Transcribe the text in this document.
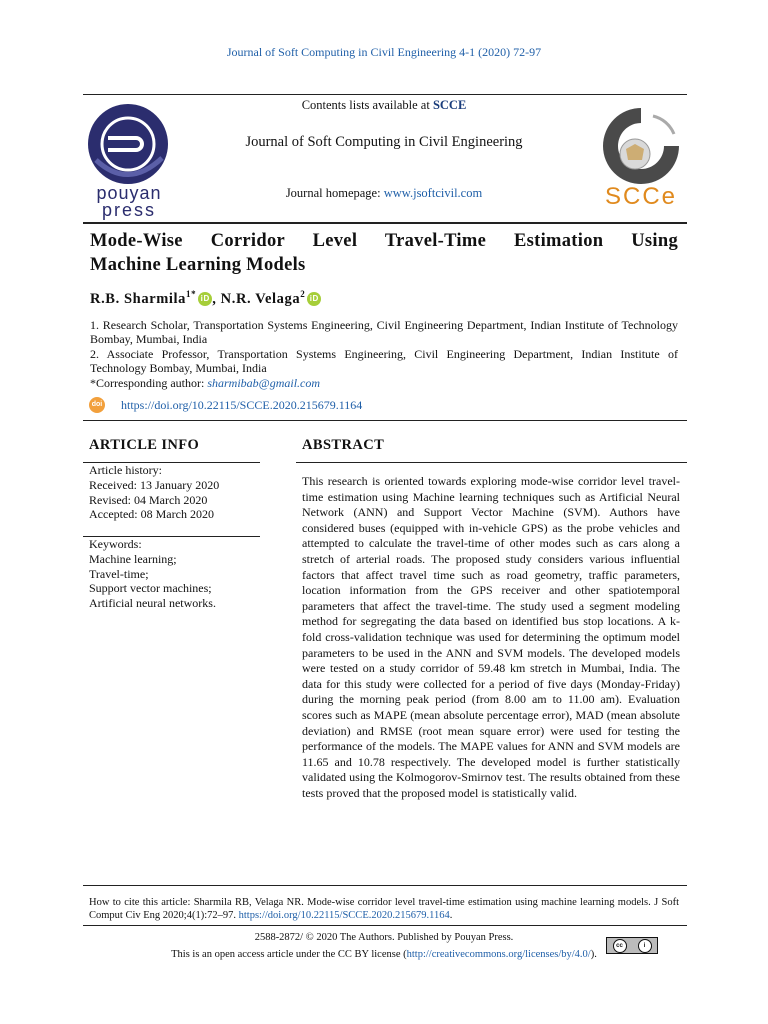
Journal of Soft Computing in Civil Engineering 4-1 (2020) 72-97
pouyan
press
Contents lists available at SCCE
Journal of Soft Computing in Civil Engineering
Journal homepage: www.jsoftcivil.com	SCCe
Mode-Wise Corridor Level Travel-Time Estimation Using
Machine Learning Models
R.B. Sharmila$^{1*}$ iD , N.R. Velaga$^2$ iD
1. Research Scholar, Transportation Systems Engineering, Civil Engineering Department, Indian Institute of Technology Bombay, Mumbai, India
2. Associate Professor, Transportation Systems Engineering, Civil Engineering Department, Indian Institute of Technology Bombay, Mumbai, India
*Corresponding author: sharmibab@gmail.com
doi https://doi.org/10.22115/SCCE.2020.215679.1164
ARTICLE INFO
Article history:
Received: 13 January 2020
Revised: 04 March 2020
Accepted: 08 March 2020
Keywords:
Machine learning;
Travel-time;
Support vector machines;
Artificial neural networks.
ABSTRACT
This research is oriented towards exploring mode-wise corridor level travel-time estimation using Machine learning techniques such as Artificial Neural Network (ANN) and Support Vector Machine (SVM). Authors have considered buses (equipped with in-vehicle GPS) as the probe vehicles and attempted to calculate the travel-time of other modes such as cars along a stretch of arterial roads. The proposed study considers various influential factors that affect travel time such as road geometry, traffic parameters, location information from the GPS receiver and other spatiotemporal parameters that affect the travel-time. The study used a segment modeling method for segregating the data based on identified bus stop locations. A k-fold cross-validation technique was used for determining the optimum model parameters to be used in the ANN and SVM models. The developed models were tested on a study corridor of 59.48 km stretch in Mumbai, India. The data for this study were collected for a period of five days (Monday-Friday) during the morning peak period (from 8.00 am to 11.00 am). Evaluation scores such as MAPE (mean absolute percentage error), MAD (mean absolute deviation) and RMSE (root mean square error) were used for testing the performance of the models. The MAPE values for ANN and SVM models are 11.65 and 10.78 respectively. The developed model is further statistically validated using the Kolmogorov-Smirnov test. The results obtained from these tests proved that the proposed model is statistically valid.
How to cite this article: Sharmila RB, Velaga NR. Mode-wise corridor level travel-time estimation using machine learning models. J Soft Comput Civ Eng 2020;4(1):72–97. https://doi.org/10.22115/SCCE.2020.215679.1164.
2588-2872/ © 2020 The Authors. Published by Pouyan Press.
This is an open access article under the CC BY license (http://creativecommons.org/licenses/by/4.0/).
cc	i
